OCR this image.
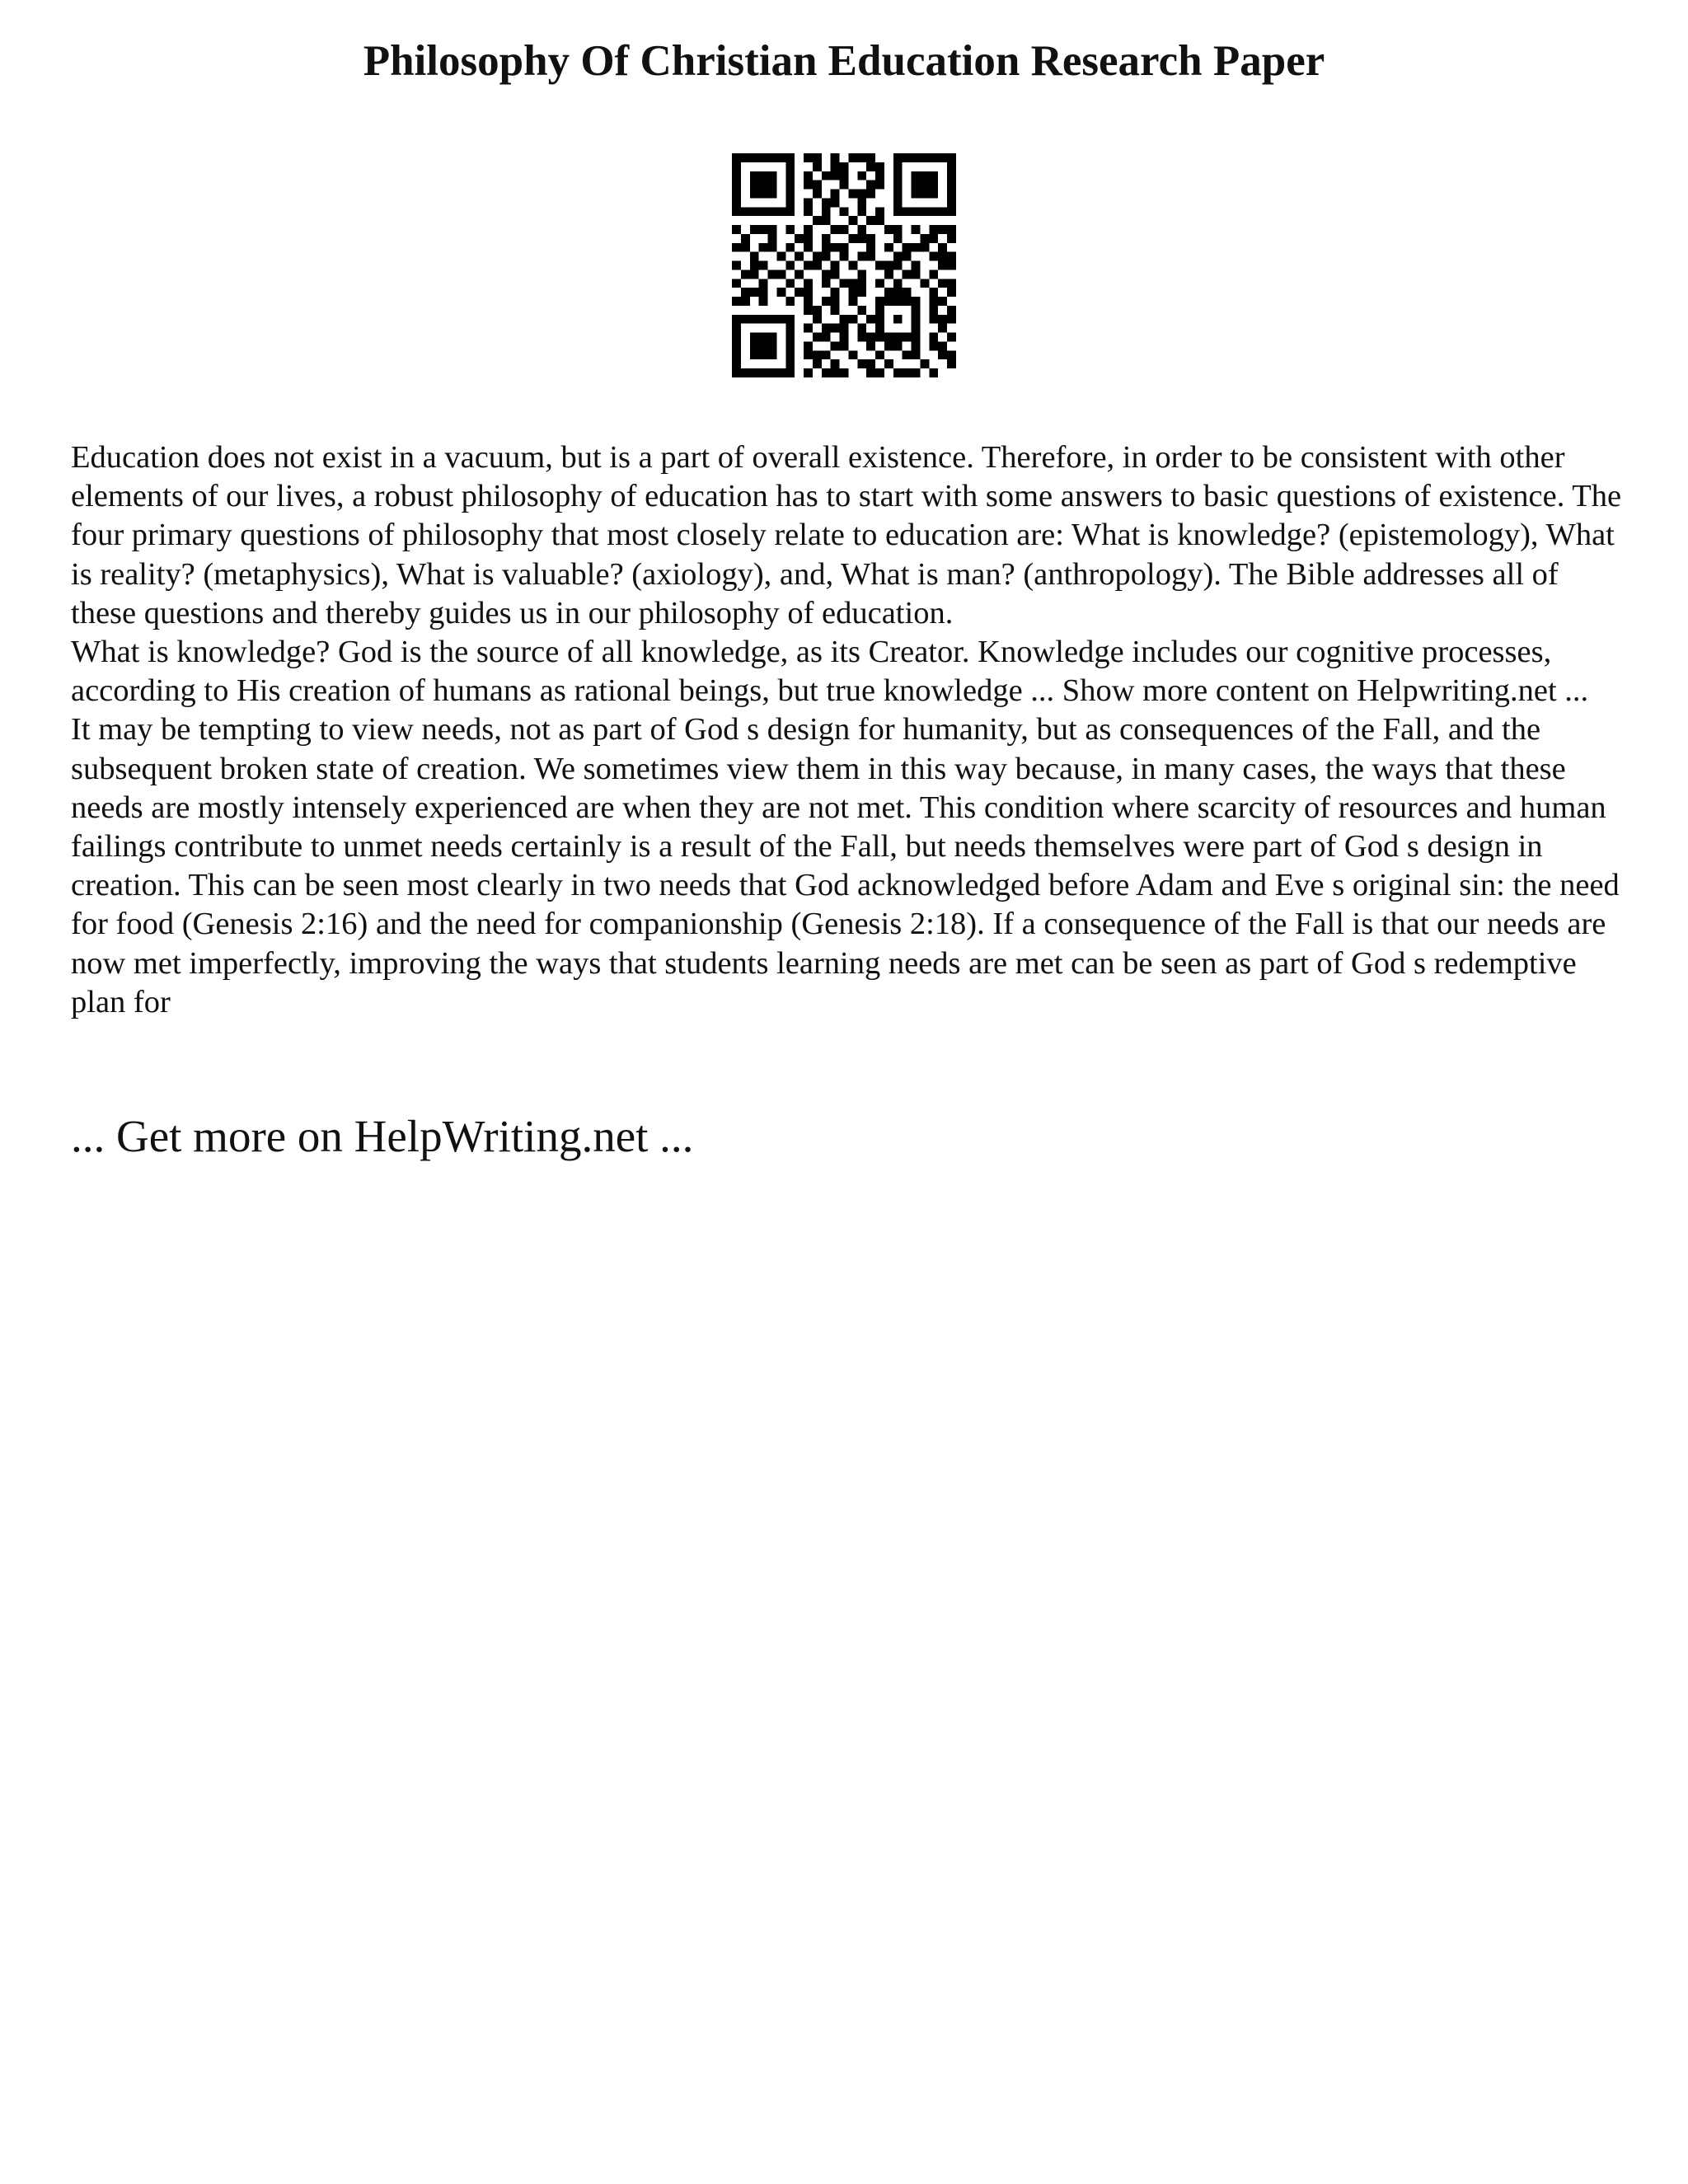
Philosophy Of Christian Education Research Paper

Education does not exist in a vacuum, but is a part of overall existence. Therefore, in order to be consistent with other elements of our lives, a robust philosophy of education has to start with some answers to basic questions of existence. The four primary questions of philosophy that most closely relate to education are: What is knowledge? (epistemology), What is reality? (metaphysics), What is valuable? (axiology), and, What is man? (anthropology). The Bible addresses all of these questions and thereby guides us in our philosophy of education.

What is knowledge? God is the source of all knowledge, as its Creator. Knowledge includes our cognitive processes, according to His creation of humans as rational beings, but true knowledge ... Show more content on Helpwriting.net ...

It may be tempting to view needs, not as part of God s design for humanity, but as consequences of the Fall, and the subsequent broken state of creation. We sometimes view them in this way because, in many cases, the ways that these needs are mostly intensely experienced are when they are not met. This condition where scarcity of resources and human failings contribute to unmet needs certainly is a result of the Fall, but needs themselves were part of God s design in creation. This can be seen most clearly in two needs that God acknowledged before Adam and Eve s original sin: the need for food (Genesis 2:16) and the need for companionship (Genesis 2:18). If a consequence of the Fall is that our needs are now met imperfectly, improving the ways that students learning needs are met can be seen as part of God s redemptive plan for

... Get more on HelpWriting.net ...
